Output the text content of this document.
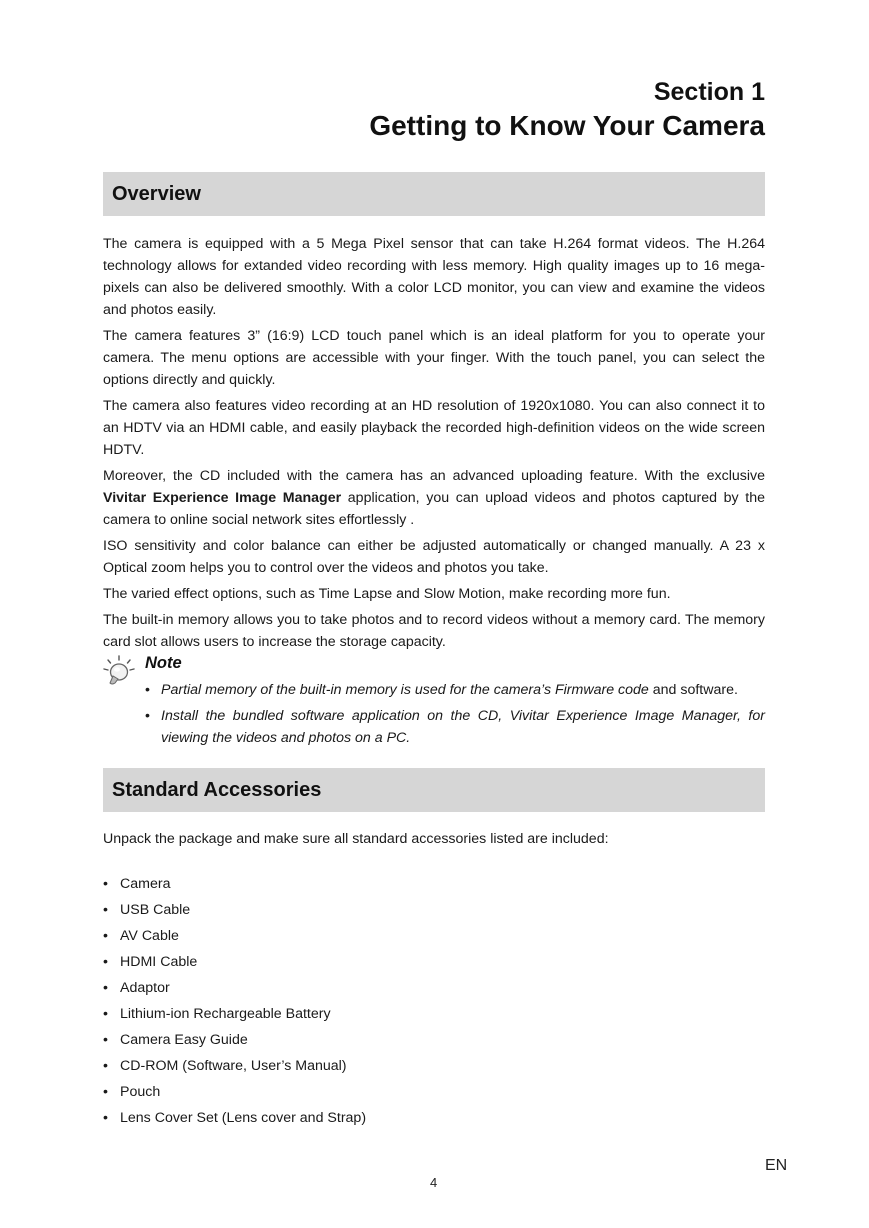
Section 1
Getting to Know Your Camera
Overview

The camera is equipped with a 5 Mega Pixel sensor that can take H.264 format videos. The H.264 technology allows for extanded video recording with less memory. High quality images up to 16 mega-pixels can also be delivered smoothly. With a color LCD monitor, you can view and examine the videos and photos easily.

The camera features 3” (16:9) LCD touch panel which is an ideal platform for you to operate your camera. The menu options are accessible with your finger. With the touch panel, you can select the options directly and quickly.

The camera also features video recording at an HD resolution of 1920x1080. You can also connect it to an HDTV via an HDMI cable, and easily playback the recorded high-definition videos on the wide screen HDTV.

Moreover, the CD included with the camera has an advanced uploading feature. With the exclusive Vivitar Experience Image Manager application, you can upload videos and photos captured by the camera to online social network sites effortlessly .

ISO sensitivity and color balance can either be adjusted automatically or changed manually. A 23 x Optical zoom helps you to control over the videos and photos you take.

The varied effect options, such as Time Lapse and Slow Motion, make recording more fun.

The built-in memory allows you to take photos and to record videos without a memory card. The memory card slot allows users to increase the storage capacity.

Note
• Partial memory of the built-in memory is used for the camera’s Firmware code and software.
• Install the bundled software application on the CD, Vivitar Experience Image Manager, for viewing the videos and photos on a PC.
Standard Accessories

Unpack the package and make sure all standard accessories listed are included:

• Camera
• USB Cable
• AV Cable
• HDMI Cable
• Adaptor
• Lithium-ion Rechargeable Battery
• Camera Easy Guide
• CD-ROM (Software, User’s Manual)
• Pouch
• Lens Cover Set (Lens cover and Strap)
EN
4
